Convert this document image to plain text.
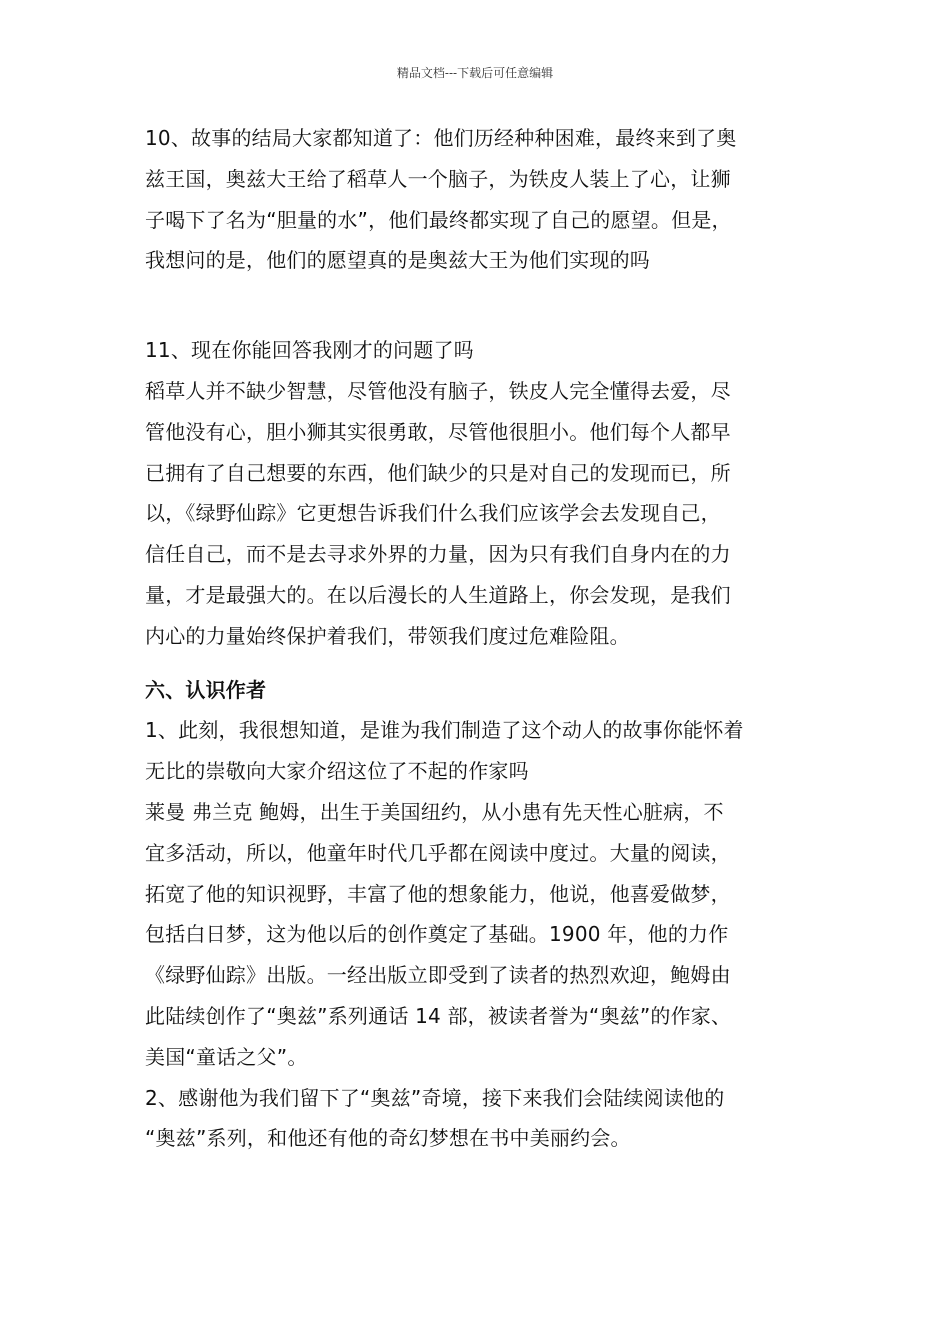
精品文档---下载后可任意编辑
10、故事的结局大家都知道了：他们历经种种困难，最终来到了奥
兹王国，奥兹大王给了稻草人一个脑子，为铁皮人装上了心，让狮
子喝下了名为“胆量的水”，他们最终都实现了自己的愿望。但是，
我想问的是，他们的愿望真的是奥兹大王为他们实现的吗
11、现在你能回答我刚才的问题了吗
稻草人并不缺少智慧，尽管他没有脑子，铁皮人完全懂得去爱，尽
管他没有心，胆小狮其实很勇敢，尽管他很胆小。他们每个人都早
已拥有了自己想要的东西，他们缺少的只是对自己的发现而已，所
以，《绿野仙踪》它更想告诉我们什么我们应该学会去发现自己，
信任自己，而不是去寻求外界的力量，因为只有我们自身内在的力
量，才是最强大的。在以后漫长的人生道路上，你会发现，是我们
内心的力量始终保护着我们，带领我们度过危难险阻。
六、认识作者
1、此刻，我很想知道，是谁为我们制造了这个动人的故事你能怀着
无比的崇敬向大家介绍这位了不起的作家吗
莱曼 弗兰克 鲍姆，出生于美国纽约，从小患有先天性心脏病，不
宜多活动，所以，他童年时代几乎都在阅读中度过。大量的阅读，
拓宽了他的知识视野，丰富了他的想象能力，他说，他喜爱做梦，
包括白日梦，这为他以后的创作奠定了基础。1900 年，他的力作
《绿野仙踪》出版。一经出版立即受到了读者的热烈欢迎，鲍姆由
此陆续创作了“奥兹”系列通话 14 部，被读者誉为“奥兹”的作家、
美国“童话之父”。
2、感谢他为我们留下了“奥兹”奇境，接下来我们会陆续阅读他的
“奥兹”系列，和他还有他的奇幻梦想在书中美丽约会。
